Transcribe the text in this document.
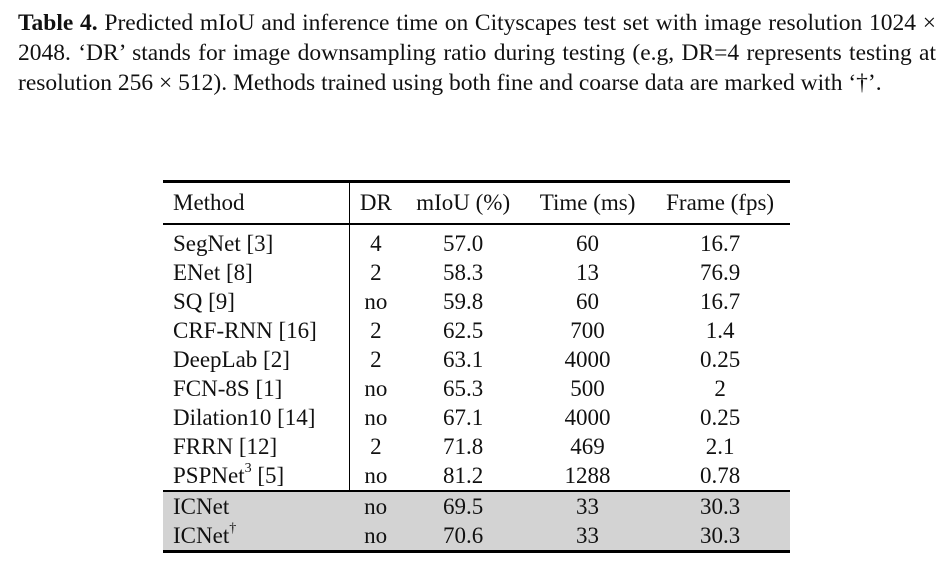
Table 4. Predicted mIoU and inference time on Cityscapes test set with image resolution 1024 × 2048. ‘DR’ stands for image downsampling ratio during testing (e.g, DR=4 represents testing at resolution 256 × 512). Methods trained using both fine and coarse data are marked with ‘†’.
Method	DR	mIoU (%)	Time (ms)	Frame (fps)
SegNet [3]	4	57.0	60	16.7
ENet [8]	2	58.3	13	76.9
SQ [9]	no	59.8	60	16.7
CRF-RNN [16]	2	62.5	700	1.4
DeepLab [2]	2	63.1	4000	0.25
FCN-8S [1]	no	65.3	500	2
Dilation10 [14]	no	67.1	4000	0.25
FRRN [12]	2	71.8	469	2.1
PSPNet$^3$ [5]	no	81.2	1288	0.78
ICNet	no	69.5	33	30.3
ICNet†	no	70.6	33	30.3
